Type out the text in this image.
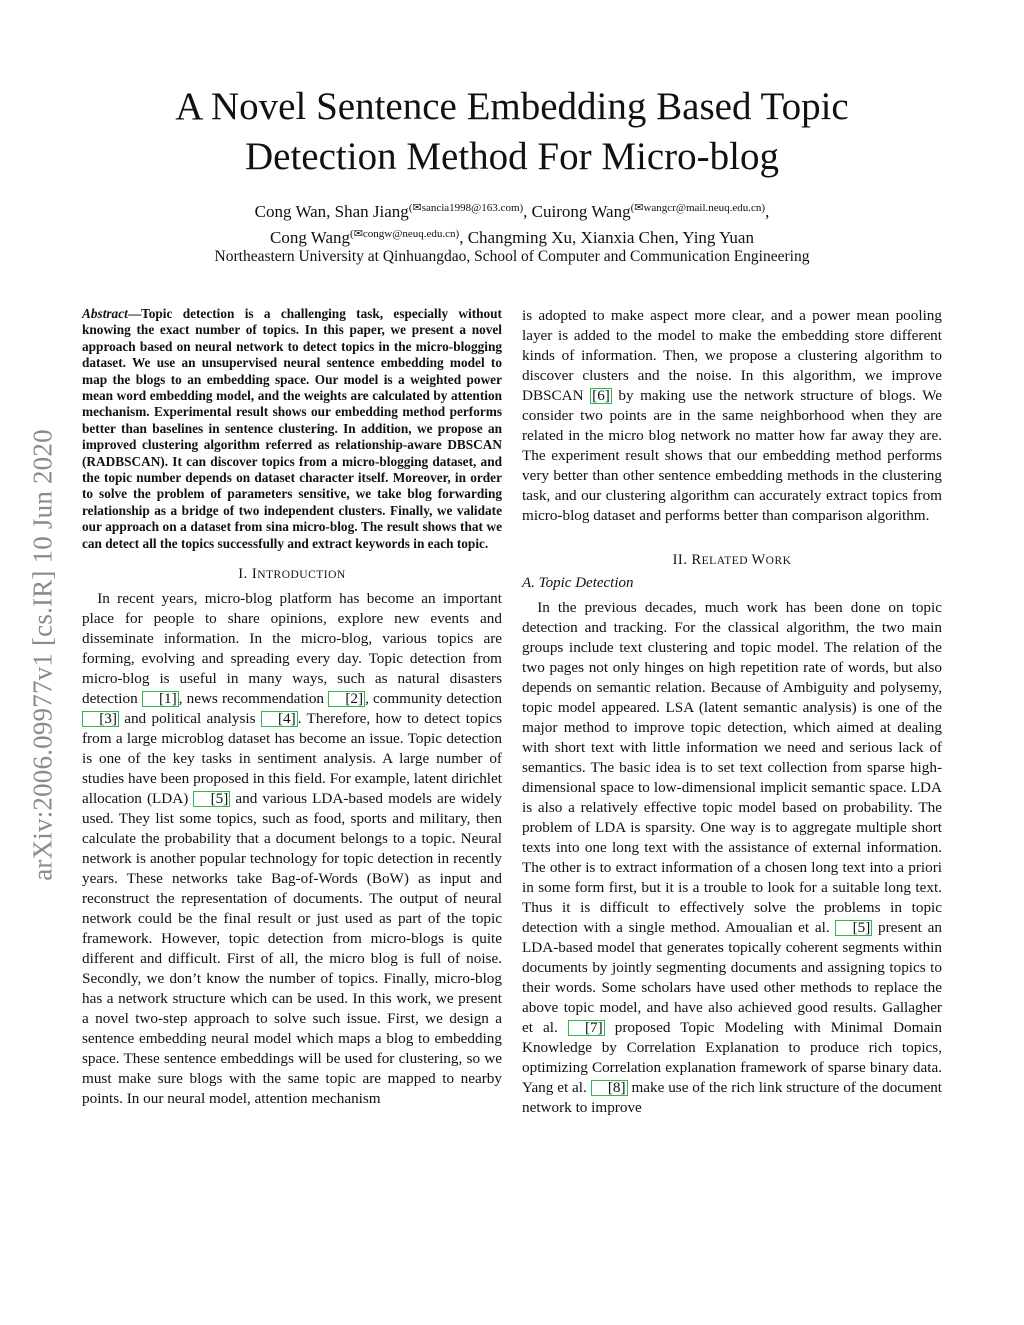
arXiv:2006.09977v1 [cs.IR] 10 Jun 2020
A Novel Sentence Embedding Based Topic Detection Method For Micro-blog
Cong Wan, Shan Jiang$^{(✉sancia1998@163.com)}$, Cuirong Wang$^{(✉wangcr@mail.neuq.edu.cn)}$,
Cong Wang$^{(✉congw@neuq.edu.cn)}$, Changming Xu, Xianxia Chen, Ying Yuan
Northeastern University at Qinhuangdao, School of Computer and Communication Engineering

Abstract—Topic detection is a challenging task, especially without knowing the exact number of topics. In this paper, we present a novel approach based on neural network to detect topics in the micro-blogging dataset. We use an unsupervised neural sentence embedding model to map the blogs to an embedding space. Our model is a weighted power mean word embedding model, and the weights are calculated by attention mechanism. Experimental result shows our embedding method performs better than baselines in sentence clustering. In addition, we propose an improved clustering algorithm referred as relationship-aware DBSCAN (RADBSCAN). It can discover topics from a micro-blogging dataset, and the topic number depends on dataset character itself. Moreover, in order to solve the problem of parameters sensitive, we take blog forwarding relationship as a bridge of two independent clusters. Finally, we validate our approach on a dataset from sina micro-blog. The result shows that we can detect all the topics successfully and extract keywords in each topic.

I. INTRODUCTION

In recent years, micro-blog platform has become an important place for people to share opinions, explore new events and disseminate information. In the micro-blog, various topics are forming, evolving and spreading every day. Topic detection from micro-blog is useful in many ways, such as natural disasters detection [1] , news recommendation [2] , community detection [3] and political analysis [4] . Therefore, how to detect topics from a large microblog dataset has become an issue. Topic detection is one of the key tasks in sentiment analysis. A large number of studies have been proposed in this field. For example, latent dirichlet allocation (LDA) [5] and various LDA-based models are widely used. They list some topics, such as food, sports and military, then calculate the probability that a document belongs to a topic. Neural network is another popular technology for topic detection in recently years. These networks take Bag-of-Words (BoW) as input and reconstruct the representation of documents. The output of neural network could be the final result or just used as part of the topic framework. However, topic detection from micro-blogs is quite different and difficult. First of all, the micro blog is full of noise. Secondly, we don’t know the number of topics. Finally, micro-blog has a network structure which can be used. In this work, we present a novel two-step approach to solve such issue. First, we design a sentence embedding neural model which maps a blog to embedding space. These sentence embeddings will be used for clustering, so we must make sure blogs with the same topic are mapped to nearby points. In our neural model, attention mechanism

is adopted to make aspect more clear, and a power mean pooling layer is added to the model to make the embedding store different kinds of information. Then, we propose a clustering algorithm to discover clusters and the noise. In this algorithm, we improve DBSCAN [6] by making use the network structure of blogs. We consider two points are in the same neighborhood when they are related in the micro blog network no matter how far away they are. The experiment result shows that our embedding method performs very better than other sentence embedding methods in the clustering task, and our clustering algorithm can accurately extract topics from micro-blog dataset and performs better than comparison algorithm.

II. RELATED WORK
A. Topic Detection

In the previous decades, much work has been done on topic detection and tracking. For the classical algorithm, the two main groups include text clustering and topic model. The relation of the two pages not only hinges on high repetition rate of words, but also depends on semantic relation. Because of Ambiguity and polysemy, topic model appeared. LSA (latent semantic analysis) is one of the major method to improve topic detection, which aimed at dealing with short text with little information we need and serious lack of semantics. The basic idea is to set text collection from sparse high-dimensional space to low-dimensional implicit semantic space. LDA is also a relatively effective topic model based on probability. The problem of LDA is sparsity. One way is to aggregate multiple short texts into one long text with the assistance of external information. The other is to extract information of a chosen long text into a priori in some form first, but it is a trouble to look for a suitable long text. Thus it is difficult to effectively solve the problems in topic detection with a single method. Amoualian et al. [5] present an LDA-based model that generates topically coherent segments within documents by jointly segmenting documents and assigning topics to their words. Some scholars have used other methods to replace the above topic model, and have also achieved good results. Gallagher et al. [7] proposed Topic Modeling with Minimal Domain Knowledge by Correlation Explanation to produce rich topics, optimizing Correlation explanation framework of sparse binary data. Yang et al. [8] make use of the rich link structure of the document network to improve
